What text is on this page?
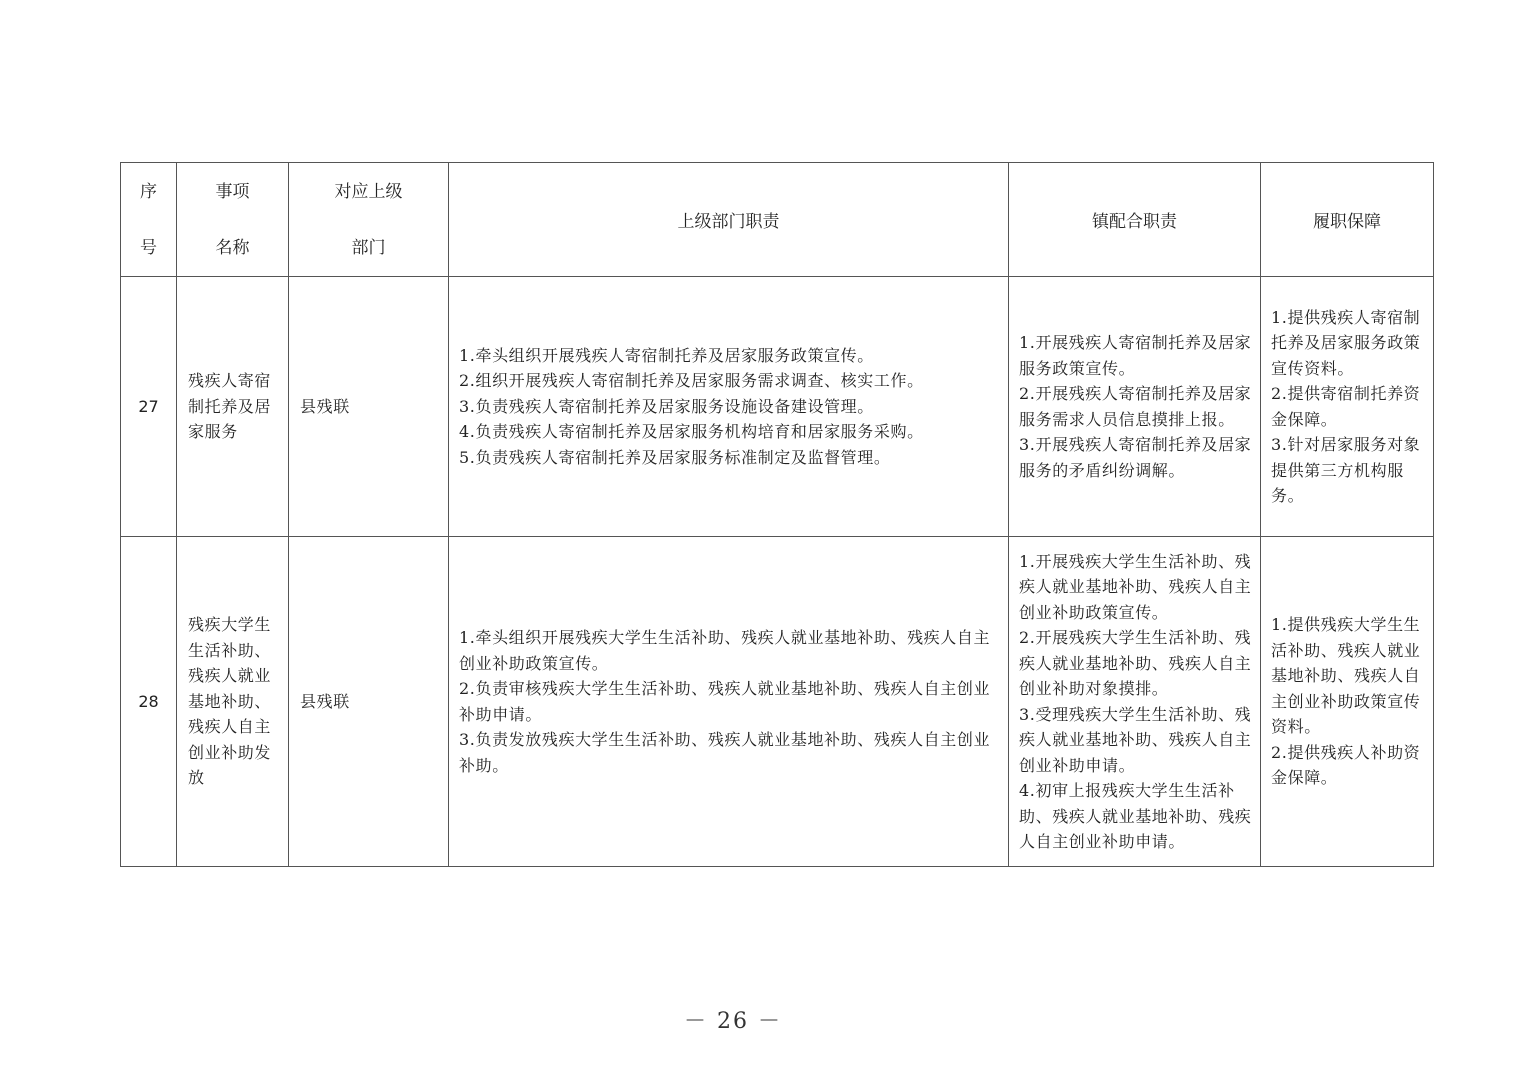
序
号	事项
名称	对应上级
部门	上级部门职责	镇配合职责	履职保障
27	残疾人寄宿制托养及居家服务	县残联	1.牵头组织开展残疾人寄宿制托养及居家服务政策宣传。
2.组织开展残疾人寄宿制托养及居家服务需求调查、核实工作。
3.负责残疾人寄宿制托养及居家服务设施设备建设管理。
4.负责残疾人寄宿制托养及居家服务机构培育和居家服务采购。
5.负责残疾人寄宿制托养及居家服务标准制定及监督管理。	1.开展残疾人寄宿制托养及居家服务政策宣传。
2.开展残疾人寄宿制托养及居家服务需求人员信息摸排上报。
3.开展残疾人寄宿制托养及居家服务的矛盾纠纷调解。	1.提供残疾人寄宿制托养及居家服务政策宣传资料。
2.提供寄宿制托养资金保障。
3.针对居家服务对象提供第三方机构服务。

28	残疾大学生生活补助、残疾人就业基地补助、残疾人自主创业补助发放	县残联	1.牵头组织开展残疾大学生生活补助、残疾人就业基地补助、残疾人自主创业补助政策宣传。
2.负责审核残疾大学生生活补助、残疾人就业基地补助、残疾人自主创业补助申请。
3.负责发放残疾大学生生活补助、残疾人就业基地补助、残疾人自主创业补助。	1.开展残疾大学生生活补助、残疾人就业基地补助、残疾人自主创业补助政策宣传。
2.开展残疾大学生生活补助、残疾人就业基地补助、残疾人自主创业补助对象摸排。
3.受理残疾大学生生活补助、残疾人就业基地补助、残疾人自主创业补助申请。
4.初审上报残疾大学生生活补助、残疾人就业基地补助、残疾人自主创业补助申请。	1.提供残疾大学生生活补助、残疾人就业基地补助、残疾人自主创业补助政策宣传资料。
2.提供残疾人补助资金保障。
－ 26 －
